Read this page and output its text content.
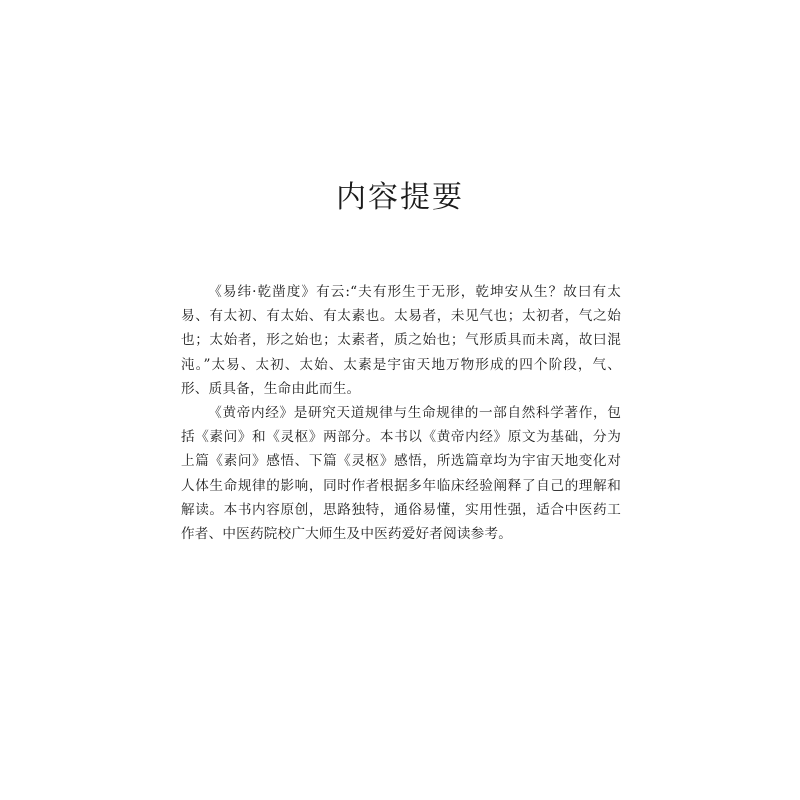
内容提要

《易纬·乾凿度》有云:“夫有形生于无形，乾坤安从生？故曰有太易、有太初、有太始、有太素也。太易者，未见气也；太初者，气之始也；太始者，形之始也；太素者，质之始也；气形质具而未离，故曰混沌。”太易、太初、太始、太素是宇宙天地万物形成的四个阶段，气、形、质具备，生命由此而生。

《黄帝内经》是研究天道规律与生命规律的一部自然科学著作，包括《素问》和《灵枢》两部分。本书以《黄帝内经》原文为基础，分为上篇《素问》感悟、下篇《灵枢》感悟，所选篇章均为宇宙天地变化对人体生命规律的影响，同时作者根据多年临床经验阐释了自己的理解和解读。本书内容原创，思路独特，通俗易懂，实用性强，适合中医药工作者、中医药院校广大师生及中医药爱好者阅读参考。
